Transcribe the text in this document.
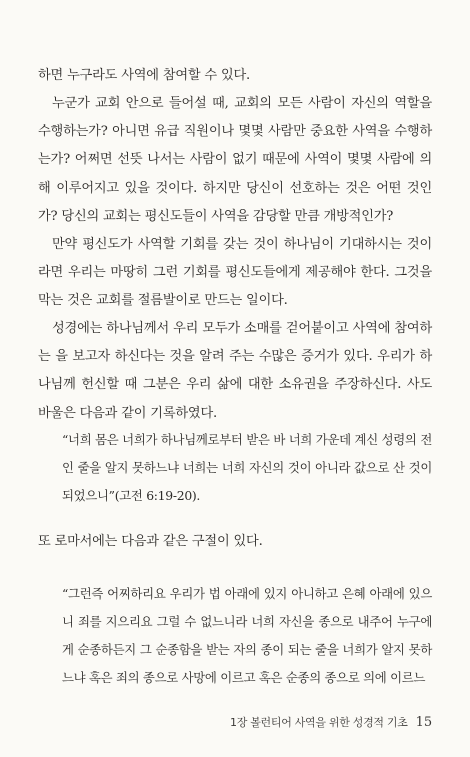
하면 누구라도 사역에 참여할 수 있다.

누군가 교회 안으로 들어설 때, 교회의 모든 사람이 자신의 역할을 수행하는가? 아니면 유급 직원이나 몇몇 사람만 중요한 사역을 수행하는가? 어쩌면 선뜻 나서는 사람이 없기 때문에 사역이 몇몇 사람에 의해 이루어지고 있을 것이다. 하지만 당신이 선호하는 것은 어떤 것인가? 당신의 교회는 평신도들이 사역을 감당할 만큼 개방적인가?

만약 평신도가 사역할 기회를 갖는 것이 하나님이 기대하시는 것이라면 우리는 마땅히 그런 기회를 평신도들에게 제공해야 한다. 그것을 막는 것은 교회를 절름발이로 만드는 일이다.

성경에는 하나님께서 우리 모두가 소매를 걷어붙이고 사역에 참여하는 을 보고자 하신다는 것을 알려 주는 수많은 증거가 있다. 우리가 하나님께 헌신할 때 그분은 우리 삶에 대한 소유권을 주장하신다. 사도 바울은 다음과 같이 기록하였다.

“너희 몸은 너희가 하나님께로부터 받은 바 너희 가운데 계신 성령의 전인 줄을 알지 못하느냐 너희는 너희 자신의 것이 아니라 값으로 산 것이 되었으니”(고전 6:19-20).

또 로마서에는 다음과 같은 구절이 있다.

“그런즉 어찌하리요 우리가 법 아래에 있지 아니하고 은혜 아래에 있으니 죄를 지으리요 그럴 수 없느니라 너희 자신을 종으로 내주어 누구에게 순종하든지 그 순종함을 받는 자의 종이 되는 줄을 너희가 알지 못하느냐 혹은 죄의 종으로 사망에 이르고 혹은 순종의 종으로 의에 이르느

1장 볼런티어 사역을 위한 성경적 기초 15
